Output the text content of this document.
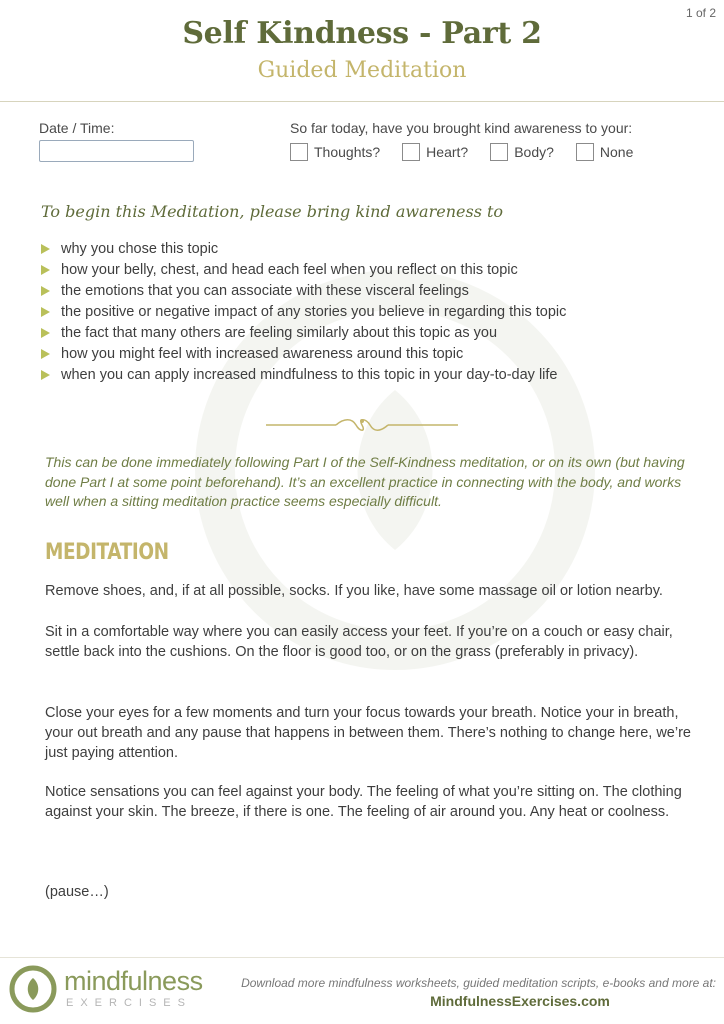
1 of 2
Self Kindness - Part 2
Guided Meditation
Date / Time:	So far today, have you brought kind awareness to your:
Thoughts?	Heart?	Body?	None
To begin this Meditation, please bring kind awareness to
why you chose this topic
how your belly, chest, and head each feel when you reflect on this topic
the emotions that you can associate with these visceral feelings
the positive or negative impact of any stories you believe in regarding this topic
the fact that many others are feeling similarly about this topic as you
how you might feel with increased awareness around this topic
when you can apply increased mindfulness to this topic in your day-to-day life
This can be done immediately following Part I of the Self-Kindness meditation, or on its own (but having done Part I at some point beforehand). It’s an excellent practice in connecting with the body, and works well when a sitting meditation practice seems especially difficult.
MEDITATION

Remove shoes, and, if at all possible, socks. If you like, have some massage oil or lotion nearby.

Sit in a comfortable way where you can easily access your feet. If you’re on a couch or easy chair, settle back into the cushions. On the floor is good too, or on the grass (preferably in privacy).

Close your eyes for a few moments and turn your focus towards your breath. Notice your in breath, your out breath and any pause that happens in between them. There’s nothing to change here, we’re just paying attention.

Notice sensations you can feel against your body. The feeling of what you’re sitting on. The clothing against your skin. The breeze, if there is one. The feeling of air around you. Any heat or coolness.

(pause…)

mindfulness
EXERCISES
Download more mindfulness worksheets, guided meditation scripts, e-books and more at:
MindfulnessExercises.com
